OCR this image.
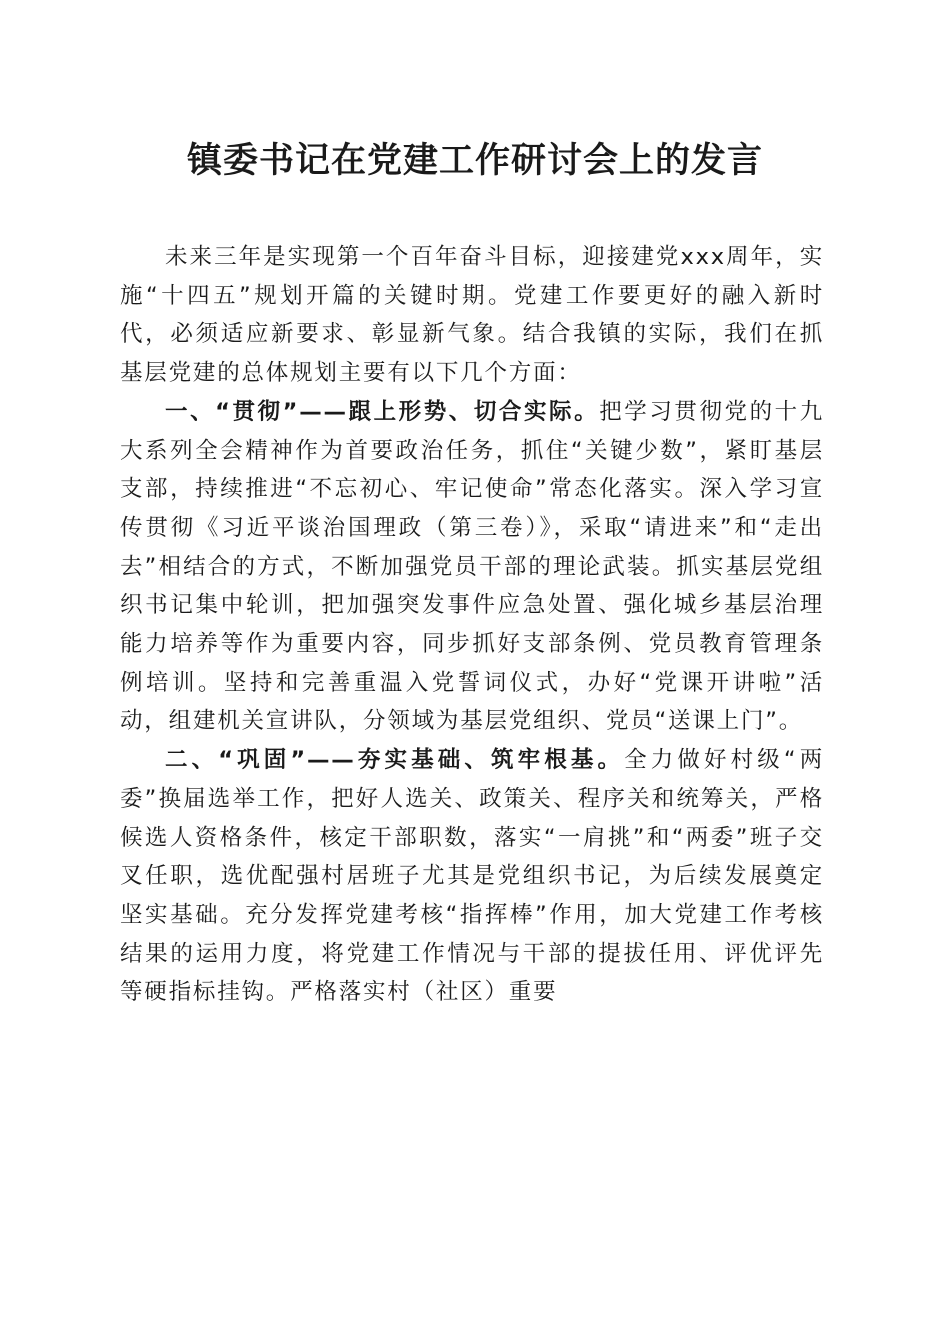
镇委书记在党建工作研讨会上的发言

未来三年是实现第一个百年奋斗目标，迎接建党xxx周年，实施“十四五”规划开篇的关键时期。党建工作要更好的融入新时代，必须适应新要求、彰显新气象。结合我镇的实际，我们在抓基层党建的总体规划主要有以下几个方面：

一、“贯彻”——跟上形势、切合实际。把学习贯彻党的十九大系列全会精神作为首要政治任务，抓住“关键少数”，紧盯基层支部，持续推进“不忘初心、牢记使命”常态化落实。深入学习宣传贯彻《习近平谈治国理政（第三卷）》，采取“请进来”和“走出去”相结合的方式，不断加强党员干部的理论武装。抓实基层党组织书记集中轮训，把加强突发事件应急处置、强化城乡基层治理能力培养等作为重要内容，同步抓好支部条例、党员教育管理条例培训。坚持和完善重温入党誓词仪式，办好“党课开讲啦”活动，组建机关宣讲队，分领域为基层党组织、党员“送课上门”。

二、“巩固”——夯实基础、筑牢根基。全力做好村级“两委”换届选举工作，把好人选关、政策关、程序关和统筹关，严格候选人资格条件，核定干部职数，落实“一肩挑”和“两委”班子交叉任职，选优配强村居班子尤其是党组织书记，为后续发展奠定坚实基础。充分发挥党建考核“指挥棒”作用，加大党建工作考核结果的运用力度，将党建工作情况与干部的提拔任用、评优评先等硬指标挂钩。严格落实村（社区）重要
